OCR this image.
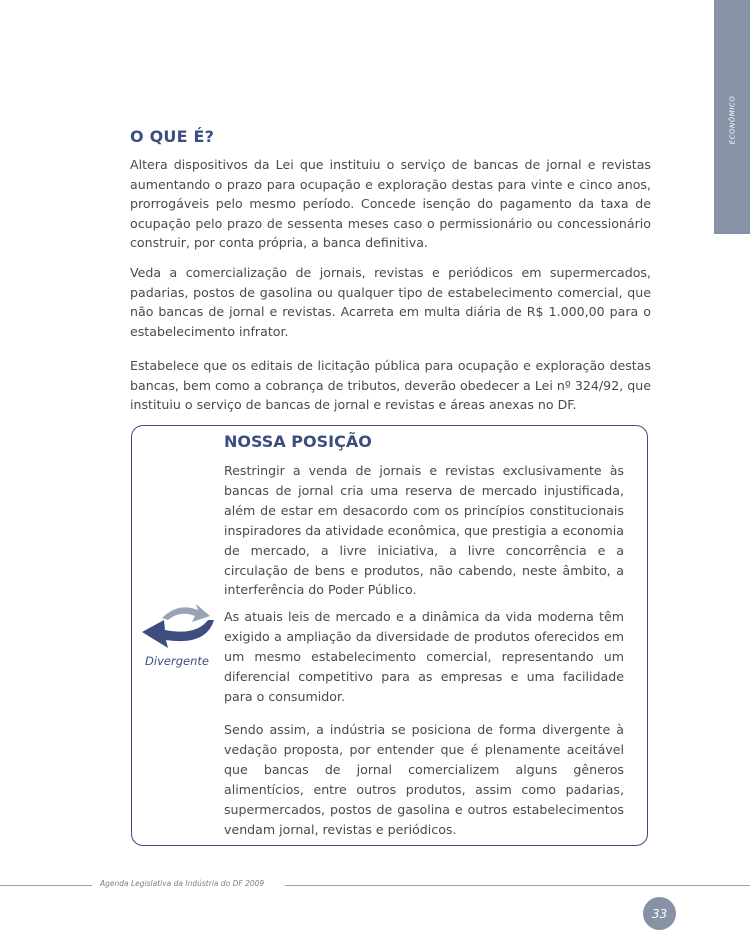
ECONÔMICO
O QUE É?

Altera dispositivos da Lei que instituiu o serviço de bancas de jornal e revistas aumentando o prazo para ocupação e exploração destas para vinte e cinco anos, prorrogáveis pelo mesmo período. Concede isenção do pagamento da taxa de ocupação pelo prazo de sessenta meses caso o permissionário ou concessionário construir, por conta própria, a banca definitiva.

Veda a comercialização de jornais, revistas e periódicos em supermercados, padarias, postos de gasolina ou qualquer tipo de estabelecimento comercial, que não bancas de jornal e revistas. Acarreta em multa diária de R$ 1.000,00 para o estabelecimento infrator.

Estabelece que os editais de licitação pública para ocupação e exploração destas bancas, bem como a cobrança de tributos, deverão obedecer a Lei nº 324/92, que instituiu o serviço de bancas de jornal e revistas e áreas anexas no DF.

NOSSA POSIÇÃO

Restringir a venda de jornais e revistas exclusivamente às bancas de jornal cria uma reserva de mercado injustificada, além de estar em desacordo com os princípios constitucionais inspiradores da atividade econômica, que prestigia a economia de mercado, a livre iniciativa, a livre concorrência e a circulação de bens e produtos, não cabendo, neste âmbito, a interferência do Poder Público.

As atuais leis de mercado e a dinâmica da vida moderna têm exigido a ampliação da diversidade de produtos oferecidos em um mesmo estabelecimento comercial, representando um diferencial competitivo para as empresas e uma facilidade para o consumidor.

Sendo assim, a indústria se posiciona de forma divergente à vedação proposta, por entender que é plenamente aceitável que bancas de jornal comercializem alguns gêneros alimentícios, entre outros produtos, assim como padarias, supermercados, postos de gasolina e outros estabelecimentos vendam jornal, revistas e periódicos.

Divergente
Agenda Legislativa da Indústria do DF 2009
33
